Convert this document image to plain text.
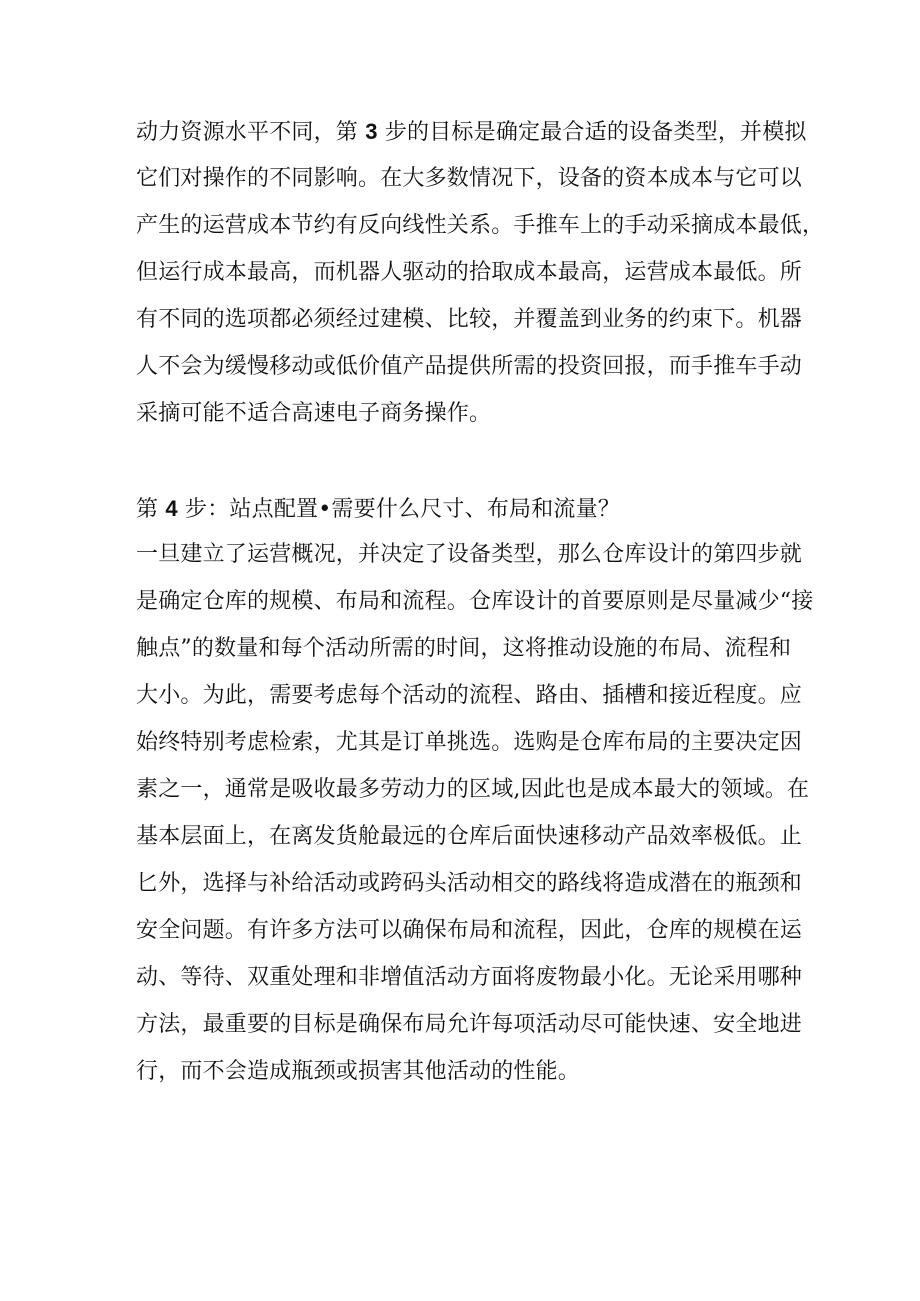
动力资源水平不同，第 3 步的目标是确定最合适的设备类型，并模拟

它们对操作的不同影响。在大多数情况下，设备的资本成本与它可以

产生的运营成本节约有反向线性关系。手推车上的手动采摘成本最低，

但运行成本最高，而机器人驱动的拾取成本最高，运营成本最低。所

有不同的选项都必须经过建模、比较，并覆盖到业务的约束下。机器

人不会为缓慢移动或低价值产品提供所需的投资回报，而手推车手动

采摘可能不适合高速电子商务操作。

第 4 步：站点配置•需要什么尺寸、布局和流量？

一旦建立了运营概况，并决定了设备类型，那么仓库设计的第四步就

是确定仓库的规模、布局和流程。仓库设计的首要原则是尽量减少“接

触点”的数量和每个活动所需的时间，这将推动设施的布局、流程和

大小。为此，需要考虑每个活动的流程、路由、插槽和接近程度。应

始终特别考虑检索，尤其是订单挑选。选购是仓库布局的主要决定因

素之一，通常是吸收最多劳动力的区域,因此也是成本最大的领域。在

基本层面上，在离发货舱最远的仓库后面快速移动产品效率极低。止

匕外，选择与补给活动或跨码头活动相交的路线将造成潜在的瓶颈和

安全问题。有许多方法可以确保布局和流程，因此，仓库的规模在运

动、等待、双重处理和非增值活动方面将废物最小化。无论采用哪种

方法，最重要的目标是确保布局允许每项活动尽可能快速、安全地进

行，而不会造成瓶颈或损害其他活动的性能。
